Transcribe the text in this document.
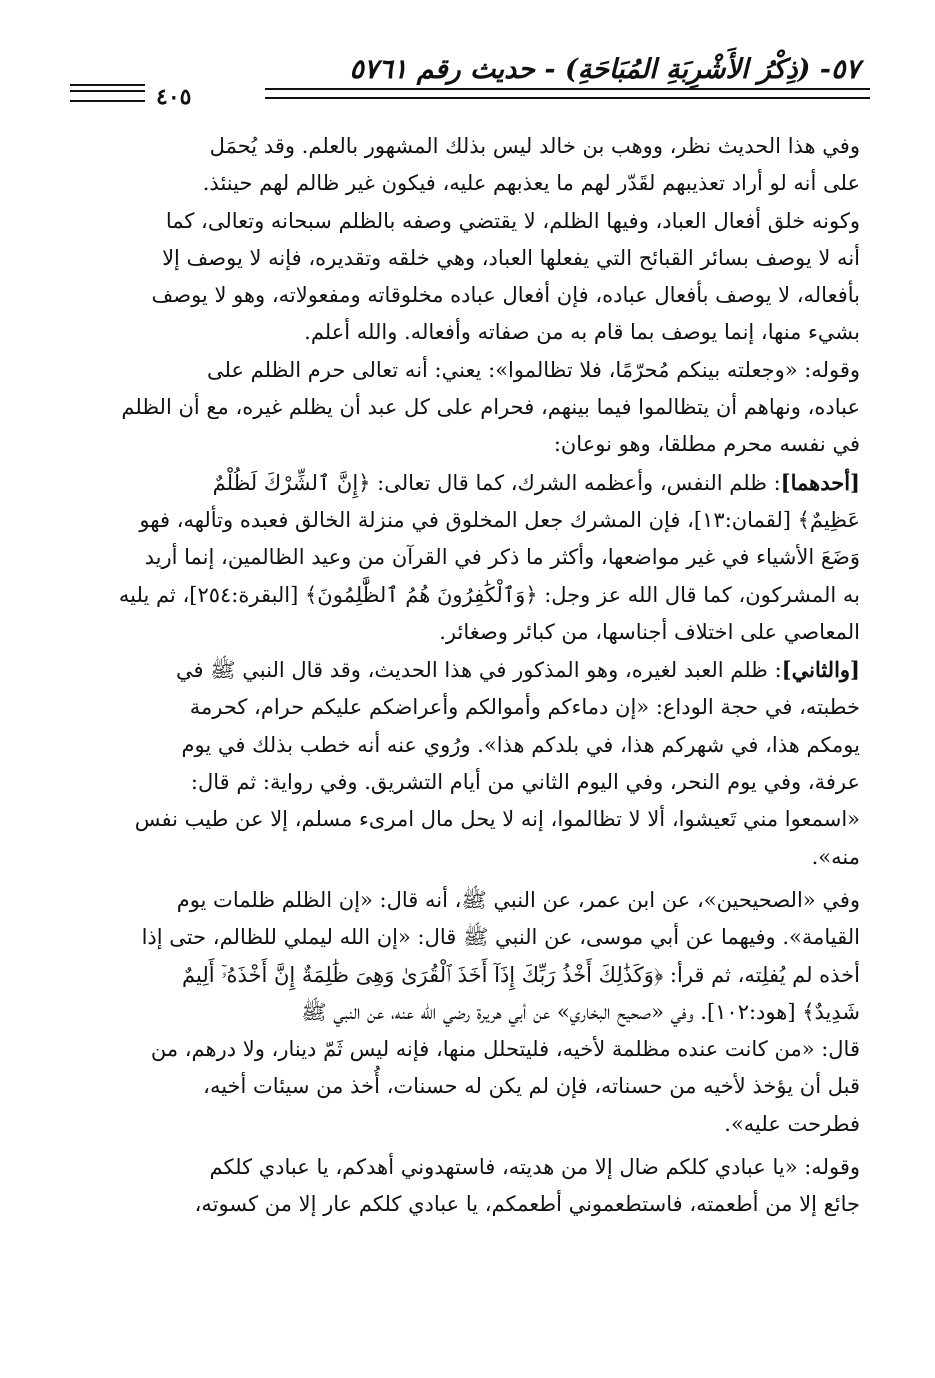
٥٧- (ذِكْرُ الأَشْرِبَةِ المُبَاحَةِ) - حديث رقم ٥٧٦١
٤٠٥

وفي هذا الحديث نظر، ووهب بن خالد ليس بذلك المشهور بالعلم. وقد يُحمَل
على أنه لو أراد تعذيبهم لقَدّر لهم ما يعذبهم عليه، فيكون غير ظالم لهم حينئذ.

وكونه خلق أفعال العباد، وفيها الظلم، لا يقتضي وصفه بالظلم سبحانه وتعالى، كما
أنه لا يوصف بسائر القبائح التي يفعلها العباد، وهي خلقه وتقديره، فإنه لا يوصف إلا
بأفعاله، لا يوصف بأفعال عباده، فإن أفعال عباده مخلوقاته ومفعولاته، وهو لا يوصف
بشيء منها، إنما يوصف بما قام به من صفاته وأفعاله. والله أعلم.

وقوله: «وجعلته بينكم مُحرّمًا، فلا تظالموا»: يعني: أنه تعالى حرم الظلم على
عباده، ونهاهم أن يتظالموا فيما بينهم، فحرام على كل عبد أن يظلم غيره، مع أن الظلم
في نفسه محرم مطلقا، وهو نوعان:

[أحدهما]: ظلم النفس، وأعظمه الشرك، كما قال تعالى: ﴿إِنَّ ٱلشِّرْكَ لَظُلْمٌ
عَظِيمٌ﴾ [لقمان:١٣]، فإن المشرك جعل المخلوق في منزلة الخالق فعبده وتألهه، فهو
وَضَعَ الأشياء في غير مواضعها، وأكثر ما ذكر في القرآن من وعيد الظالمين، إنما أريد
به المشركون، كما قال الله عز وجل: ﴿وَٱلْكَٰفِرُونَ هُمُ ٱلظَّٰلِمُونَ﴾ [البقرة:٢٥٤]، ثم يليه
المعاصي على اختلاف أجناسها، من كبائر وصغائر.

[والثاني]: ظلم العبد لغيره، وهو المذكور في هذا الحديث، وقد قال النبي ﷺ في
خطبته، في حجة الوداع: «إن دماءكم وأموالكم وأعراضكم عليكم حرام، كحرمة
يومكم هذا، في شهركم هذا، في بلدكم هذا». ورُوي عنه أنه خطب بذلك في يوم
عرفة، وفي يوم النحر، وفي اليوم الثاني من أيام التشريق. وفي رواية: ثم قال:
«اسمعوا مني تَعيشوا، ألا لا تظالموا، إنه لا يحل مال امرىء مسلم، إلا عن طيب نفس
منه».

وفي «الصحيحين»، عن ابن عمر، عن النبي ﷺ، أنه قال: «إن الظلم ظلمات يوم
القيامة». وفيهما عن أبي موسى، عن النبي ﷺ قال: «إن الله ليملي للظالم، حتى إذا
أخذه لم يُفلِته، ثم قرأ: ﴿وَكَذَٰلِكَ أَخْذُ رَبِّكَ إِذَآ أَخَذَ ٱلْقُرَىٰ وَهِىَ ظَٰلِمَةٌ إِنَّ أَخْذَهُۥٓ أَلِيمٌ
شَدِيدٌ﴾ [هود:١٠٢]. وفي «صحيح البخاري» عن أبي هريرة رضي الله عنه، عن النبي ﷺ
قال: «من كانت عنده مظلمة لأخيه، فليتحلل منها، فإنه ليس ثَمّ دينار، ولا درهم، من
قبل أن يؤخذ لأخيه من حسناته، فإن لم يكن له حسنات، أُخذ من سيئات أخيه،
فطرحت عليه».

وقوله: «يا عبادي كلكم ضال إلا من هديته، فاستهدوني أهدكم، يا عبادي كلكم
جائع إلا من أطعمته، فاستطعموني أطعمكم، يا عبادي كلكم عار إلا من كسوته،
